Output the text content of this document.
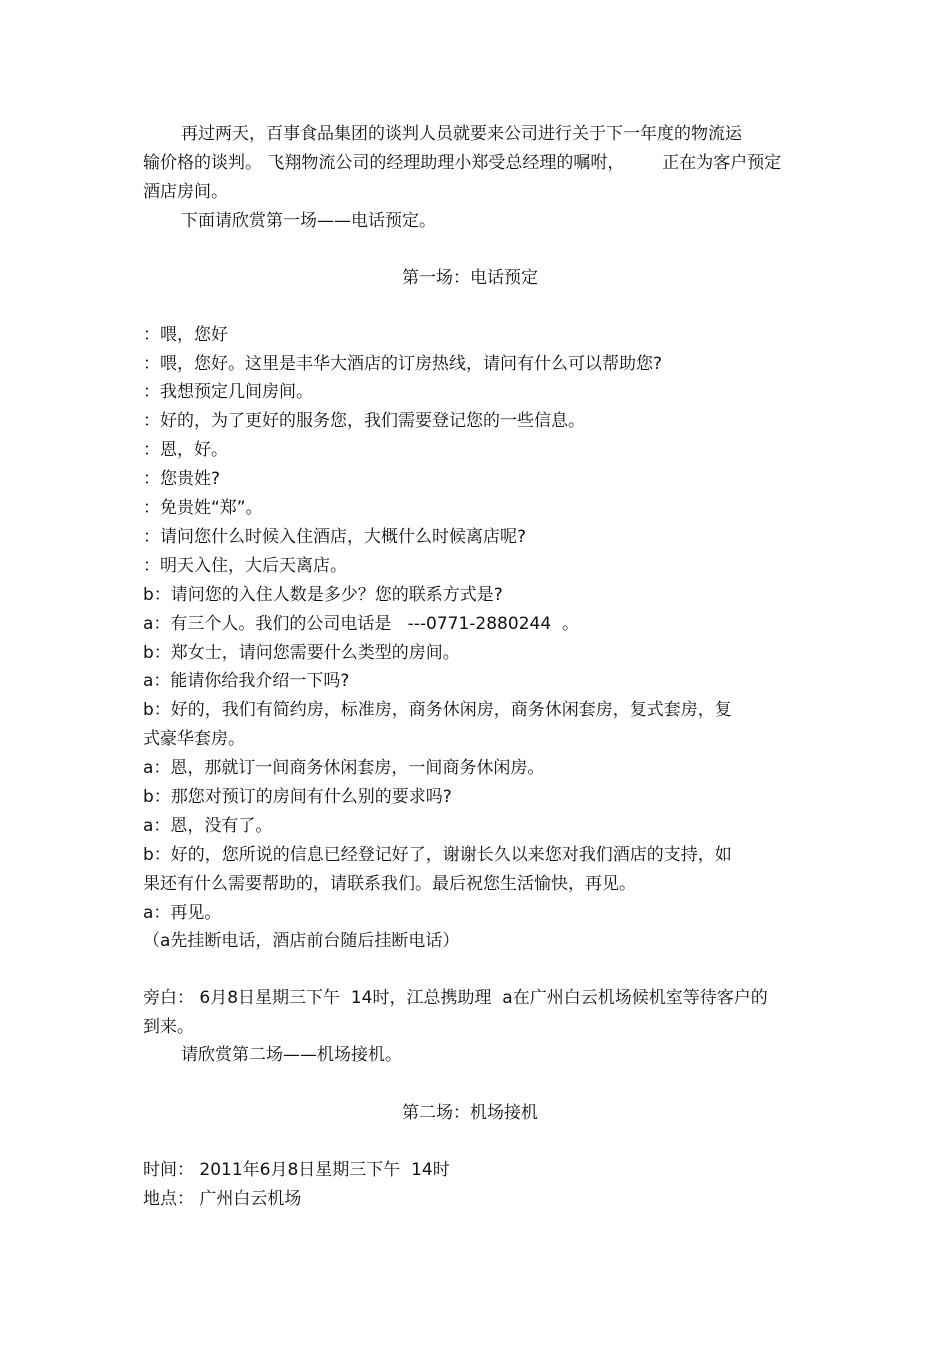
再过两天，百事食品集团的谈判人员就要来公司进行关于下一年度的物流运
输价格的谈判。 飞翔物流公司的经理助理小郑受总经理的嘱咐，       正在为客户预定
酒店房间。
下面请欣赏第一场——电话预定。
第一场：电话预定
：喂，您好
：喂，您好。这里是丰华大酒店的订房热线，请问有什么可以帮助您?
：我想预定几间房间。
：好的，为了更好的服务您，我们需要登记您的一些信息。
：恩，好。
：您贵姓?
：免贵姓“郑”。
：请问您什么时候入住酒店，大概什么时候离店呢?
：明天入住，大后天离店。
b：请问您的入住人数是多少？您的联系方式是?
a：有三个人。我们的公司电话是   ---0771-2880244  。
b：郑女士，请问您需要什么类型的房间。
a：能请你给我介绍一下吗?
b：好的，我们有简约房，标准房，商务休闲房，商务休闲套房，复式套房，复
式豪华套房。
a：恩，那就订一间商务休闲套房，一间商务休闲房。
b：那您对预订的房间有什么别的要求吗?
a：恩，没有了。
b：好的，您所说的信息已经登记好了，谢谢长久以来您对我们酒店的支持，如
果还有什么需要帮助的，请联系我们。最后祝您生活愉快，再见。
a：再见。
（a先挂断电话，酒店前台随后挂断电话）
旁白： 6月8日星期三下午  14时，江总携助理  a在广州白云机场候机室等待客户的
到来。
请欣赏第二场——机场接机。
第二场：机场接机
时间： 2011年6月8日星期三下午  14时
地点： 广州白云机场
